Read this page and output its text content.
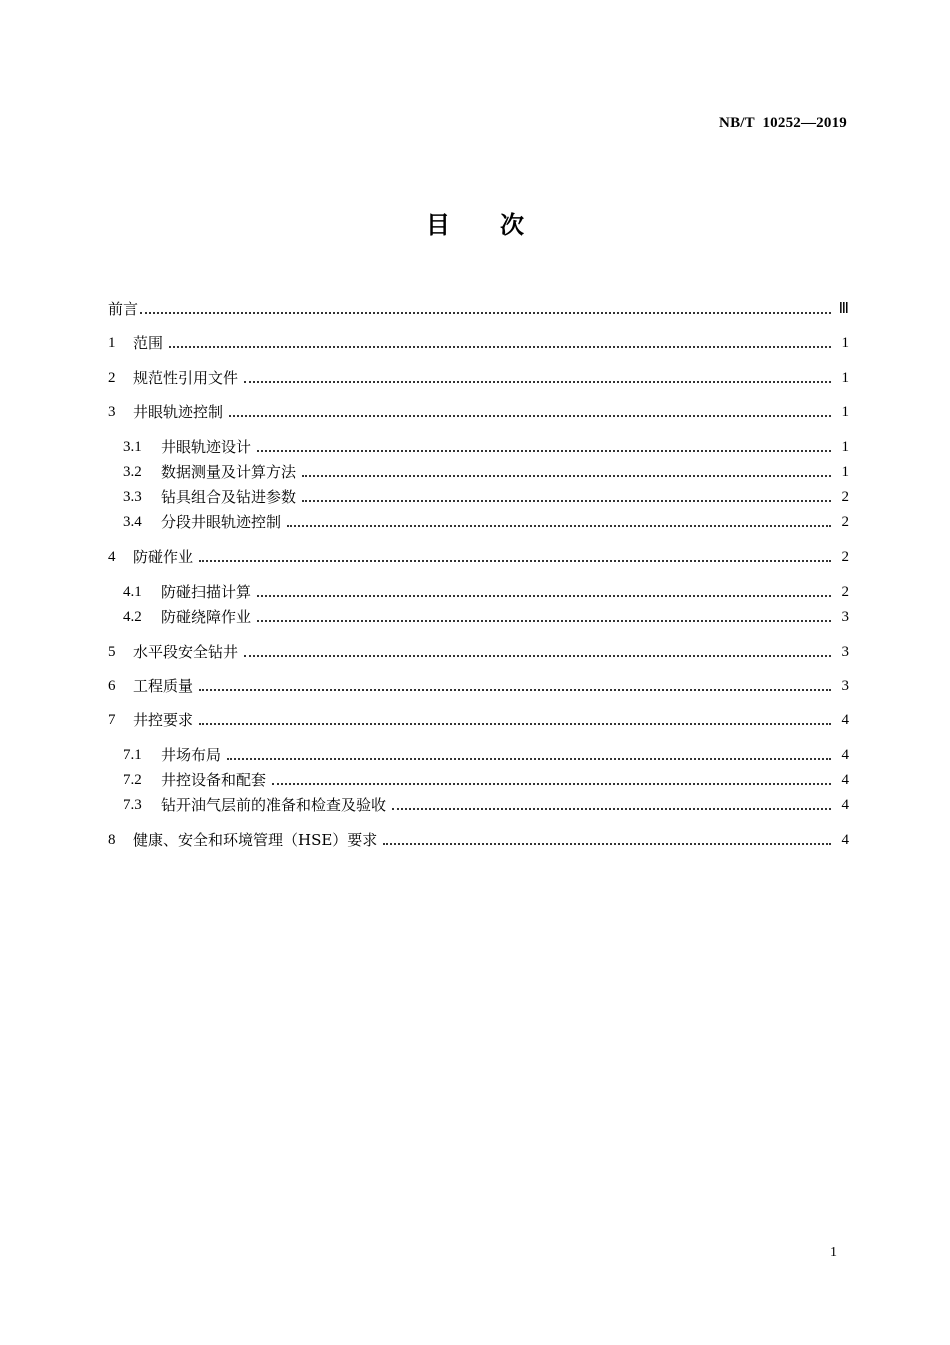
NB/T  10252—2019
目 次
前言	Ⅲ
1	范围	1
2	规范性引用文件	1
3	井眼轨迹控制	1
3.1	井眼轨迹设计	1
3.2	数据测量及计算方法	1
3.3	钻具组合及钻进参数	2
3.4	分段井眼轨迹控制	2
4	防碰作业	2
4.1	防碰扫描计算	2
4.2	防碰绕障作业	3
5	水平段安全钻井	3
6	工程质量	3
7	井控要求	4
7.1	井场布局	4
7.2	井控设备和配套	4
7.3	钻开油气层前的准备和检查及验收	4
8	健康、安全和环境管理（HSE）要求	4
1
